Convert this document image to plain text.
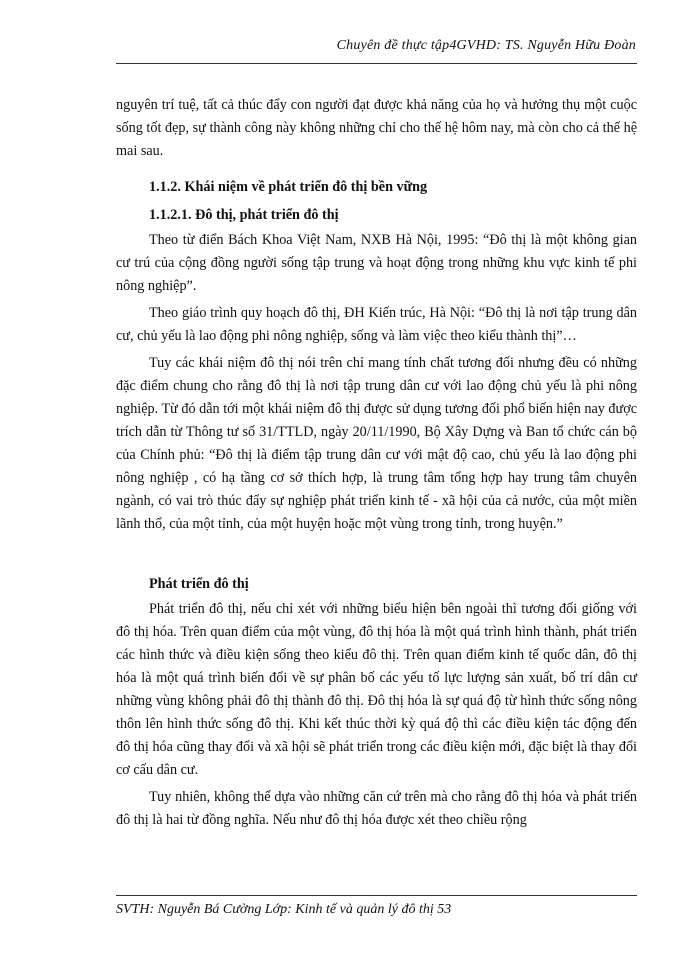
Chuyên đề thực tập4GVHD: TS. Nguyễn Hữu Đoàn

nguyên trí tuệ, tất cả thúc đẩy con người đạt được khả năng của họ và hưởng thụ một cuộc sống tốt đẹp, sự thành công này không những chỉ cho thế hệ hôm nay, mà còn cho cả thế hệ mai sau.

1.1.2. Khái niệm về phát triển đô thị bền vững
1.1.2.1. Đô thị, phát triển đô thị

Theo từ điển Bách Khoa Việt Nam, NXB Hà Nội, 1995: “Đô thị là một không gian cư trú của cộng đồng người sống tập trung và hoạt động trong những khu vực kinh tế phi nông nghiệp”.

Theo giáo trình quy hoạch đô thị, ĐH Kiến trúc, Hà Nội: “Đô thị là nơi tập trung dân cư, chủ yếu là lao động phi nông nghiệp, sống và làm việc theo kiểu thành thị”…

Tuy các khái niệm đô thị nói trên chỉ mang tính chất tương đối nhưng đều có những đặc điểm chung cho rằng đô thị là nơi tập trung dân cư với lao động chủ yếu là phi nông nghiệp. Từ đó dẫn tới một khái niệm đô thị được sử dụng tương đối phổ biến hiện nay được trích dẫn từ Thông tư số 31/TTLD, ngày 20/11/1990, Bộ Xây Dựng và Ban tổ chức cán bộ của Chính phủ: “Đô thị là điểm tập trung dân cư với mật độ cao, chủ yếu là lao động phi nông nghiệp , có hạ tầng cơ sở thích hợp, là trung tâm tổng hợp hay trung tâm chuyên ngành, có vai trò thúc đẩy sự nghiệp phát triển kinh tế - xã hội của cả nước, của một miền lãnh thổ, của một tỉnh, của một huyện hoặc một vùng trong tỉnh, trong huyện.”

Phát triển đô thị

Phát triển đô thị, nếu chỉ xét với những biểu hiện bên ngoài thì tương đối giống với đô thị hóa. Trên quan điểm của một vùng, đô thị hóa là một quá trình hình thành, phát triển các hình thức và điều kiện sống theo kiểu đô thị. Trên quan điểm kinh tế quốc dân, đô thị hóa là một quá trình biến đổi về sự phân bố các yếu tố lực lượng sản xuất, bố trí dân cư những vùng không phải đô thị thành đô thị. Đô thị hóa là sự quá độ từ hình thức sống nông thôn lên hình thức sống đô thị. Khi kết thúc thời kỳ quá độ thì các điều kiện tác động đến đô thị hóa cũng thay đổi và xã hội sẽ phát triển trong các điều kiện mới, đặc biệt là thay đổi cơ cấu dân cư.

Tuy nhiên, không thể dựa vào những căn cứ trên mà cho rằng đô thị hóa và phát triển đô thị là hai từ đồng nghĩa. Nếu như đô thị hóa được xét theo chiều rộng

SVTH: Nguyễn Bá Cường Lớp: Kinh tế và quản lý đô thị 53
